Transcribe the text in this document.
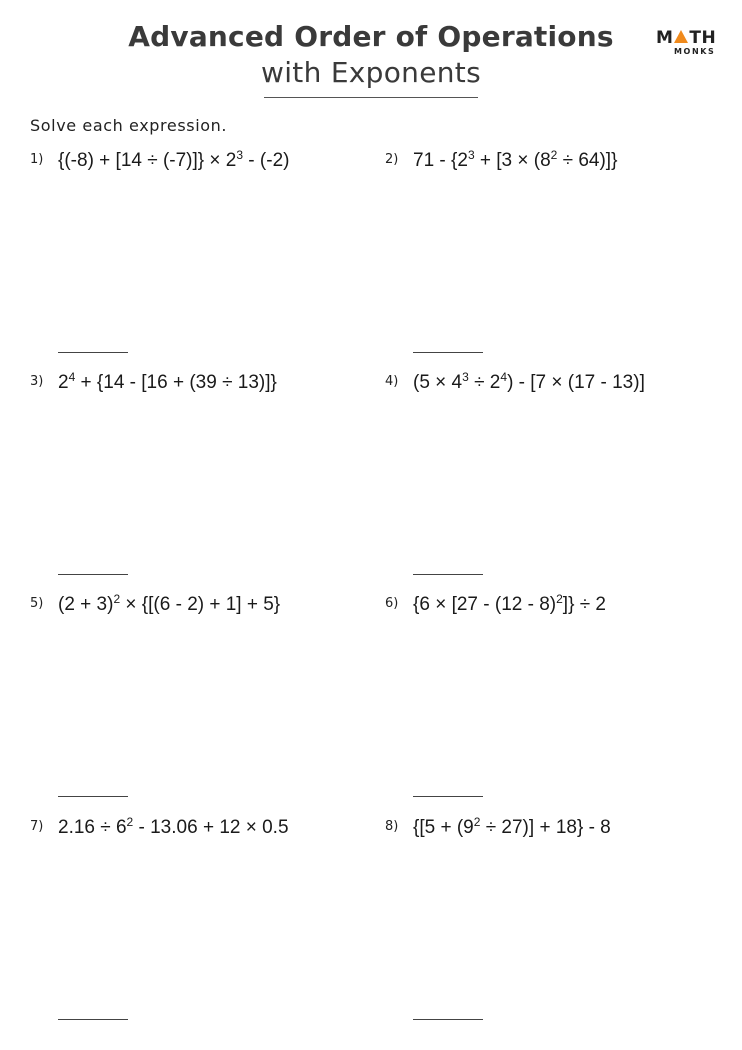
Advanced Order of Operations
with Exponents
M TH
MONKS
Solve each expression.
1) $\{(-8) + [14 \div (-7)]\} \times 2^3 - (-2)$	2) $71 - \{2^3 + [3 \times (8^2 \div 64)]\}$
3) $2^4 + \{14 - [16 + (39 \div 13)]\}$	4) $(5 \times 4^3 \div 2^4) - [7 \times (17 - 13)]$
5) $(2 + 3)^2 \times \{[(6 - 2) + 1] + 5\}$	6) {6 × [27 - (12 - 8)$^2$]} ÷ 2
7) $2.16 \div 6^2 - 13.06 + 12 \times 0.5$	8) $\{[5 + (9^2 \div 27)] + 18\} - 8$
